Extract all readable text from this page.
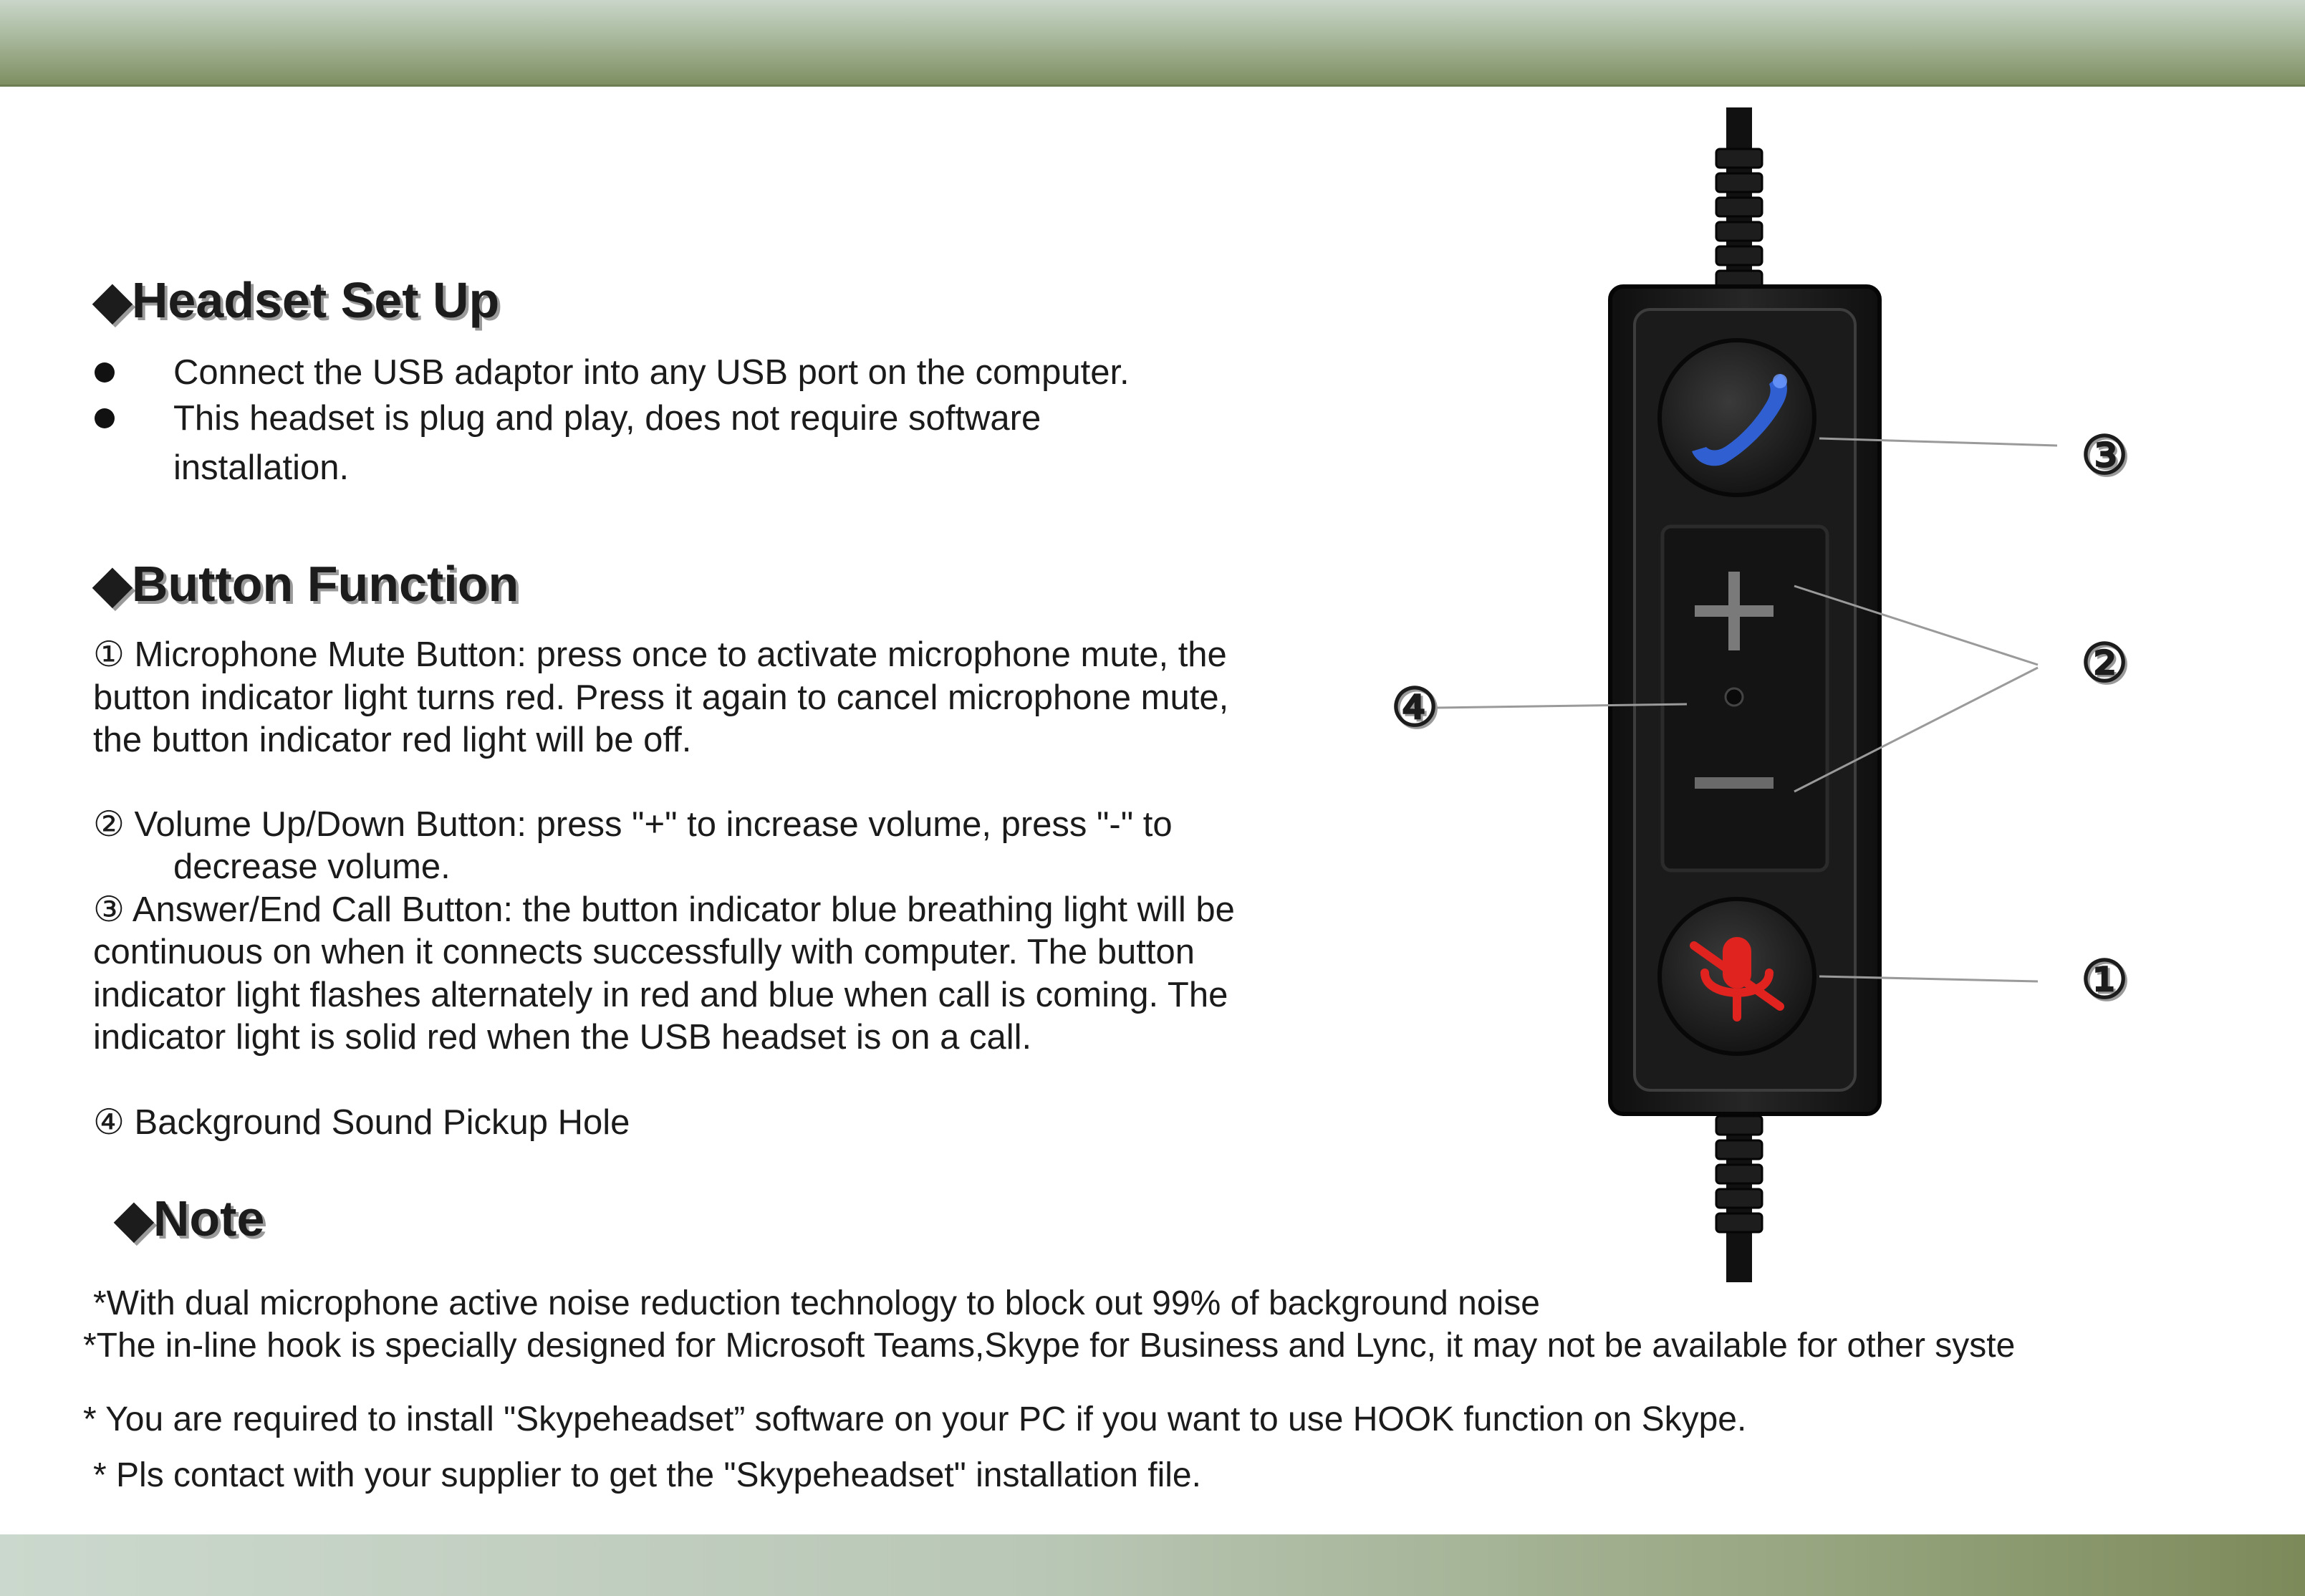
◆Headset Set Up
Connect the USB adaptor into any USB port on the computer.
This headset is plug and play, does not require software
installation.
◆Button Function
① Microphone Mute Button: press once to activate microphone mute, the
button indicator light turns red. Press it again to cancel microphone mute,
the button indicator red light will be off.
② Volume Up/Down Button: press "+" to increase volume, press "-" to
decrease volume.
③ Answer/End Call Button: the button indicator blue breathing light will be
continuous on when it connects successfully with computer. The button
indicator light flashes alternately in red and blue when call is coming. The
indicator light is solid red when the USB headset is on a call.
④ Background Sound Pickup Hole
◆Note
*With dual microphone active noise reduction technology to block out 99% of background noise
*The in-line hook is specially designed for Microsoft Teams,Skype for Business and Lync, it may not be available for other syste
* You are required to install "Skypeheadset” software on your PC if you want to use HOOK function on Skype.
* Pls contact with your supplier to get the "Skypeheadset" installation file.
③
②
①
④
